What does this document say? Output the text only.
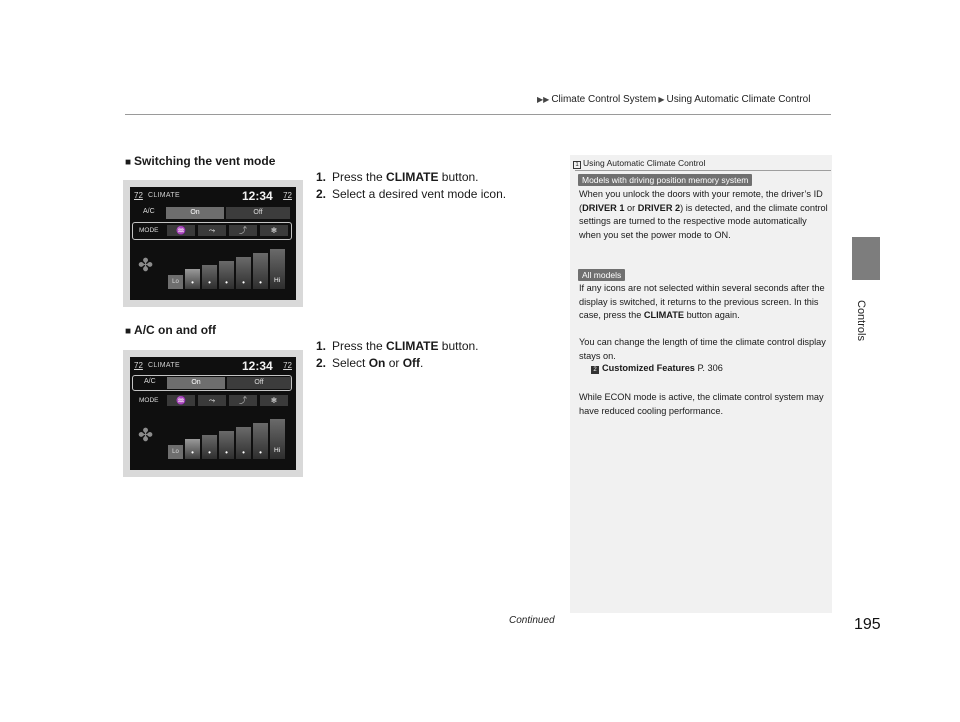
▶▶ Climate Control System ▶ Using Automatic Climate Control
Controls
■ Switching the vent mode
1. Press the CLIMATE button.
2. Select a desired vent mode icon.
72 CLIMATE	12:34 72
A/C	On	Off
MODE	♒	⤳	⤴	❄
✤
Lo • • • • •	Hi
■ A/C on and off
1. Press the CLIMATE button.
2. Select On or Off.
72 CLIMATE	12:34 72
A/C	On	Off
MODE	♒	⤳	⤴	❄
✤
Lo • • • • •	Hi
1 Using Automatic Climate Control
Models with driving position memory system
When you unlock the doors with your remote, the driver’s ID (DRIVER 1 or DRIVER 2) is detected, and the climate control settings are turned to the respective mode automatically when you set the power mode to ON.
All models
If any icons are not selected within several seconds after the display is switched, it returns to the previous screen. In this case, press the CLIMATE button again.
You can change the length of time the climate control display stays on.
2 Customized Features P. 306
While ECON mode is active, the climate control system may have reduced cooling performance.
Continued	195
